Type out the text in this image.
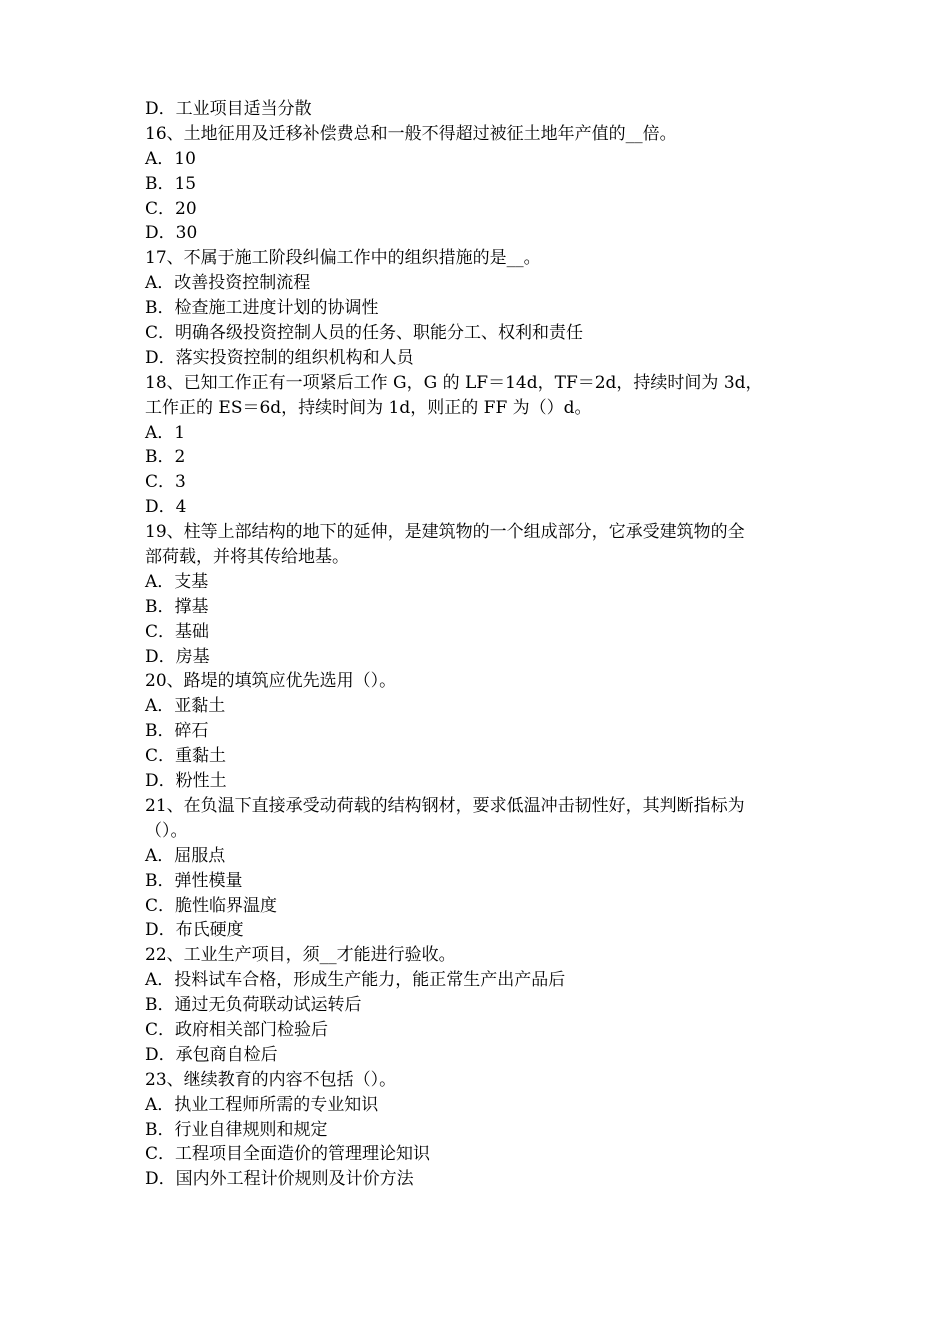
D．工业项目适当分散
16、土地征用及迁移补偿费总和一般不得超过被征土地年产值的__倍。
A．10
B．15
C．20
D．30
17、不属于施工阶段纠偏工作中的组织措施的是__。
A．改善投资控制流程
B．检查施工进度计划的协调性
C．明确各级投资控制人员的任务、职能分工、权利和责任
D．落实投资控制的组织机构和人员
18、已知工作正有一项紧后工作 G，G 的 LF＝14d，TF＝2d，持续时间为 3d，
工作正的 ES＝6d，持续时间为 1d，则正的 FF 为（）d。
A．1
B．2
C．3
D．4
19、柱等上部结构的地下的延伸，是建筑物的一个组成部分，它承受建筑物的全
部荷载，并将其传给地基。
A．支基
B．撑基
C．基础
D．房基
20、路堤的填筑应优先选用（）。
A．亚黏土
B．碎石
C．重黏土
D．粉性土
21、在负温下直接承受动荷载的结构钢材，要求低温冲击韧性好，其判断指标为
（）。
A．屈服点
B．弹性模量
C．脆性临界温度
D．布氏硬度
22、工业生产项目，须__才能进行验收。
A．投料试车合格，形成生产能力，能正常生产出产品后
B．通过无负荷联动试运转后
C．政府相关部门检验后
D．承包商自检后
23、继续教育的内容不包括（）。
A．执业工程师所需的专业知识
B．行业自律规则和规定
C．工程项目全面造价的管理理论知识
D．国内外工程计价规则及计价方法
